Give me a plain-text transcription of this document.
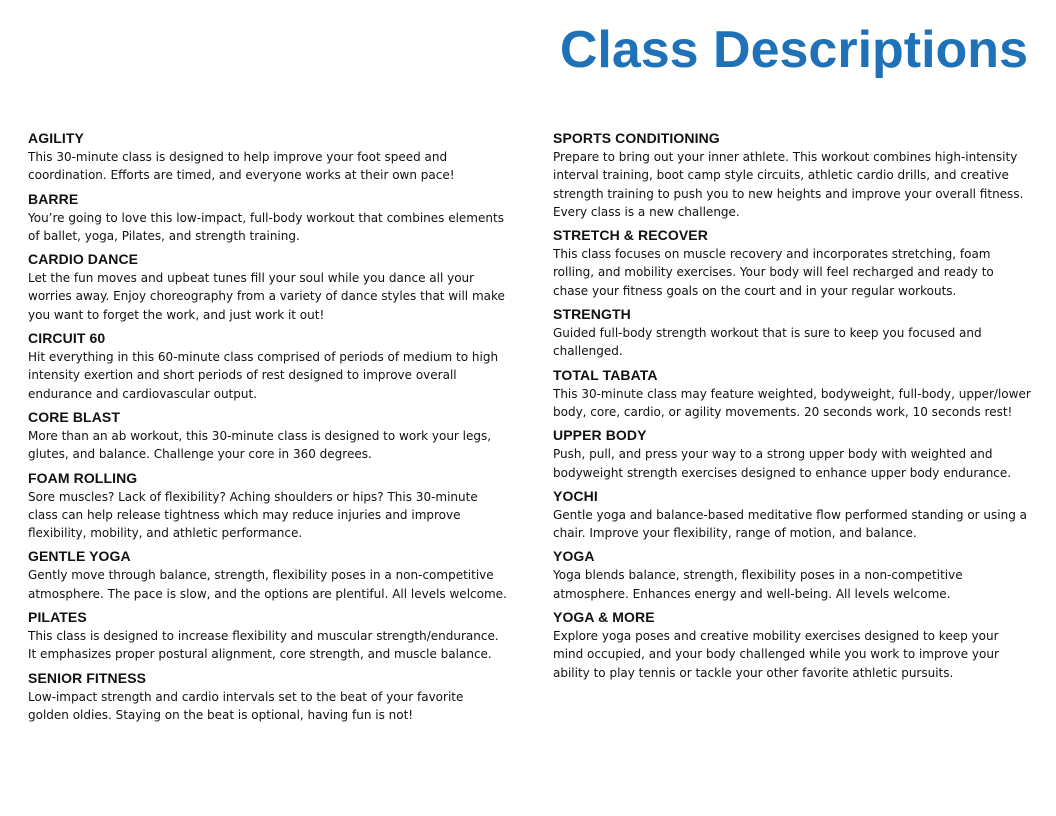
Class Descriptions
AGILITY

This 30-minute class is designed to help improve your foot speed and coordination. Efforts are timed, and everyone works at their own pace!

BARRE

You’re going to love this low-impact, full-body workout that combines elements of ballet, yoga, Pilates, and strength training.

CARDIO DANCE

Let the fun moves and upbeat tunes fill your soul while you dance all your worries away. Enjoy choreography from a variety of dance styles that will make you want to forget the work, and just work it out!

CIRCUIT 60

Hit everything in this 60-minute class comprised of periods of medium to high intensity exertion and short periods of rest designed to improve overall endurance and cardiovascular output.

CORE BLAST

More than an ab workout, this 30-minute class is designed to work your legs, glutes, and balance. Challenge your core in 360 degrees.

FOAM ROLLING

Sore muscles? Lack of flexibility? Aching shoulders or hips? This 30-minute class can help release tightness which may reduce injuries and improve flexibility, mobility, and athletic performance.

GENTLE YOGA

Gently move through balance, strength, flexibility poses in a non-competitive atmosphere. The pace is slow, and the options are plentiful. All levels welcome.

PILATES

This class is designed to increase flexibility and muscular strength/endurance. It emphasizes proper postural alignment, core strength, and muscle balance.

SENIOR FITNESS

Low-impact strength and cardio intervals set to the beat of your favorite golden oldies. Staying on the beat is optional, having fun is not!

SPORTS CONDITIONING

Prepare to bring out your inner athlete. This workout combines high-intensity interval training, boot camp style circuits, athletic cardio drills, and creative strength training to push you to new heights and improve your overall fitness. Every class is a new challenge.

STRETCH & RECOVER

This class focuses on muscle recovery and incorporates stretching, foam rolling, and mobility exercises. Your body will feel recharged and ready to chase your fitness goals on the court and in your regular workouts.

STRENGTH

Guided full-body strength workout that is sure to keep you focused and challenged.

TOTAL TABATA

This 30-minute class may feature weighted, bodyweight, full-body, upper/lower body, core, cardio, or agility movements. 20 seconds work, 10 seconds rest!

UPPER BODY

Push, pull, and press your way to a strong upper body with weighted and bodyweight strength exercises designed to enhance upper body endurance.

YOCHI

Gentle yoga and balance-based meditative flow performed standing or using a chair. Improve your flexibility, range of motion, and balance.

YOGA

Yoga blends balance, strength, flexibility poses in a non-competitive atmosphere. Enhances energy and well-being. All levels welcome.

YOGA & MORE

Explore yoga poses and creative mobility exercises designed to keep your mind occupied, and your body challenged while you work to improve your ability to play tennis or tackle your other favorite athletic pursuits.
